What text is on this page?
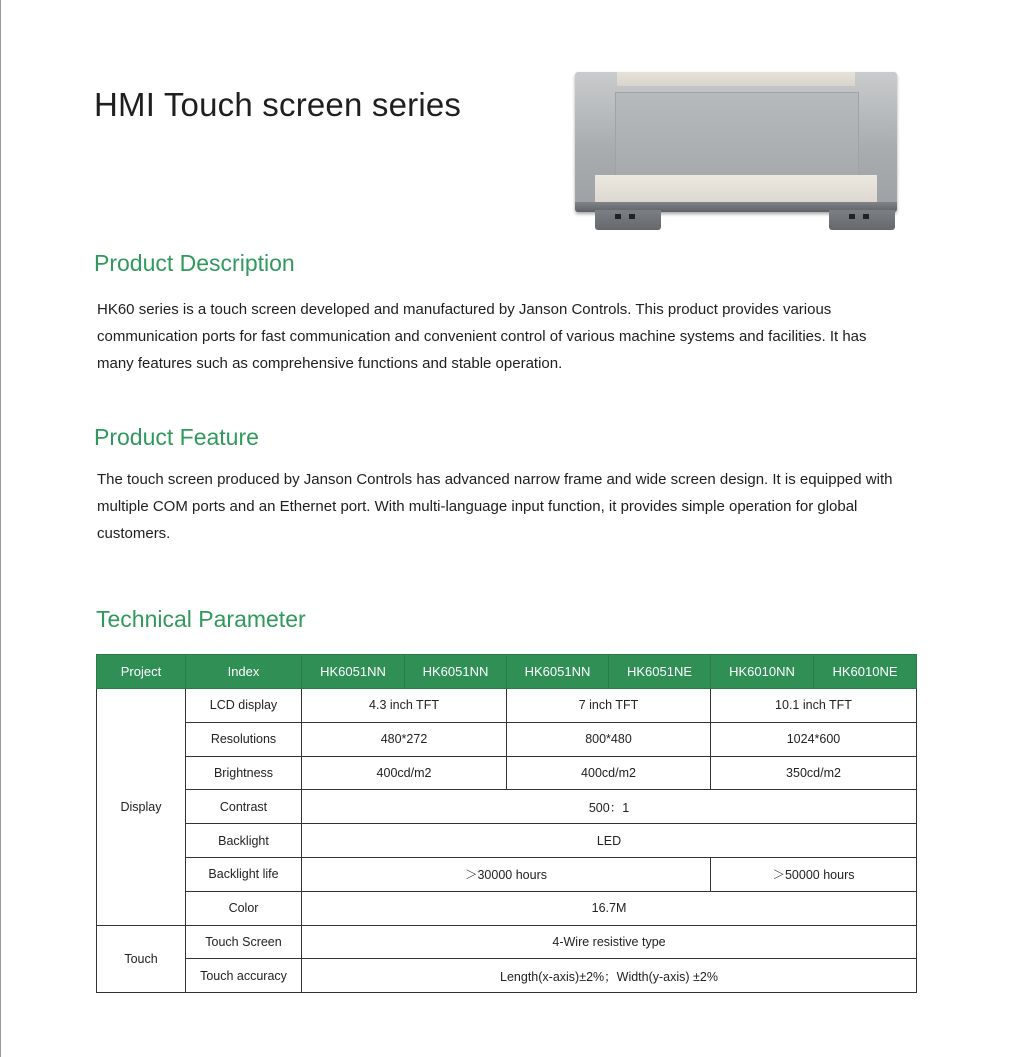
HMI Touch screen series
Product Description

HK60 series is a touch screen developed and manufactured by Janson Controls. This product provides various communication ports for fast communication and convenient control of various machine systems and facilities. It has many features such as comprehensive functions and stable operation.

Product Feature

The touch screen produced by Janson Controls has advanced narrow frame and wide screen design. It is equipped with multiple COM ports and an Ethernet port. With multi-language input function, it provides simple operation for global customers.

Technical Parameter
Project	Index	HK6051NN	HK6051NN	HK6051NN	HK6051NE	HK6010NN	HK6010NE
Display	LCD display	4.3 inch TFT		7 inch TFT		10.1 inch TFT	
	Resolutions	480*272		800*480		1024*600	
	Brightness	400cd/m2		400cd/m2		350cd/m2	
	Contrast	500：1					
	Backlight	LED					
	Backlight life	＞30000 hours				＞50000 hours	
	Color	16.7M					
Touch	Touch Screen	4-Wire resistive type					
	Touch accuracy	Length(x-axis)±2%；Width(y-axis) ±2%					
